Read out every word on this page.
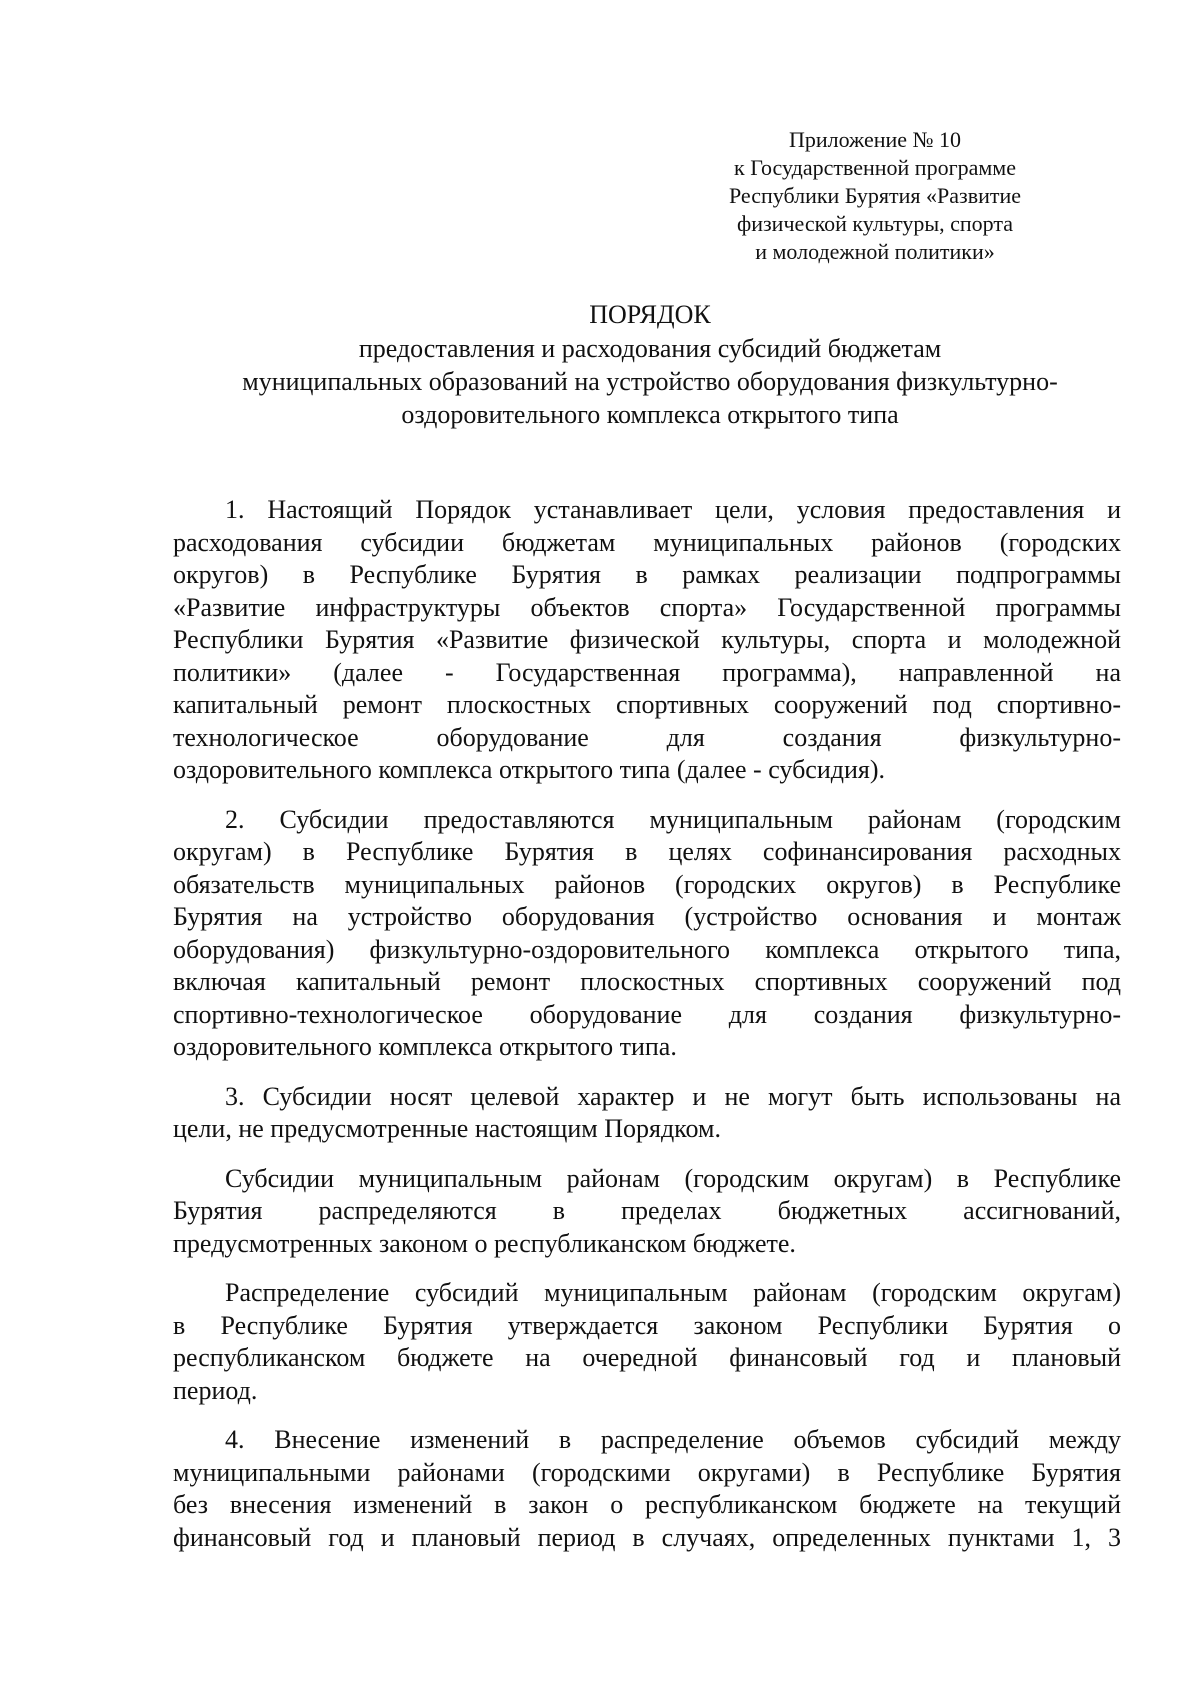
Приложение № 10
к Государственной программе
Республики Бурятия «Развитие
физической культуры, спорта
и молодежной политики»
ПОРЯДОК
предоставления и расходования субсидий бюджетам
муниципальных образований на устройство оборудования физкультурно-
оздоровительного комплекса открытого типа
1. Настоящий Порядок устанавливает цели, условия предоставления и
расходования субсидии бюджетам муниципальных районов (городских
округов) в Республике Бурятия в рамках реализации подпрограммы
«Развитие инфраструктуры объектов спорта» Государственной программы
Республики Бурятия «Развитие физической культуры, спорта и молодежной
политики» (далее - Государственная программа), направленной на
капитальный ремонт плоскостных спортивных сооружений под спортивно-
технологическое оборудование для создания физкультурно-
оздоровительного комплекса открытого типа (далее - субсидия).
2. Субсидии предоставляются муниципальным районам (городским
округам) в Республике Бурятия в целях софинансирования расходных
обязательств муниципальных районов (городских округов) в Республике
Бурятия на устройство оборудования (устройство основания и монтаж
оборудования) физкультурно-оздоровительного комплекса открытого типа,
включая капитальный ремонт плоскостных спортивных сооружений под
спортивно-технологическое оборудование для создания физкультурно-
оздоровительного комплекса открытого типа.
3. Субсидии носят целевой характер и не могут быть использованы на
цели, не предусмотренные настоящим Порядком.
Субсидии муниципальным районам (городским округам) в Республике
Бурятия распределяются в пределах бюджетных ассигнований,
предусмотренных законом о республиканском бюджете.
Распределение субсидий муниципальным районам (городским округам)
в Республике Бурятия утверждается законом Республики Бурятия о
республиканском бюджете на очередной финансовый год и плановый
период.
4. Внесение изменений в распределение объемов субсидий между
муниципальными районами (городскими округами) в Республике Бурятия
без внесения изменений в закон о республиканском бюджете на текущий
финансовый год и плановый период в случаях, определенных пунктами 1, 3
